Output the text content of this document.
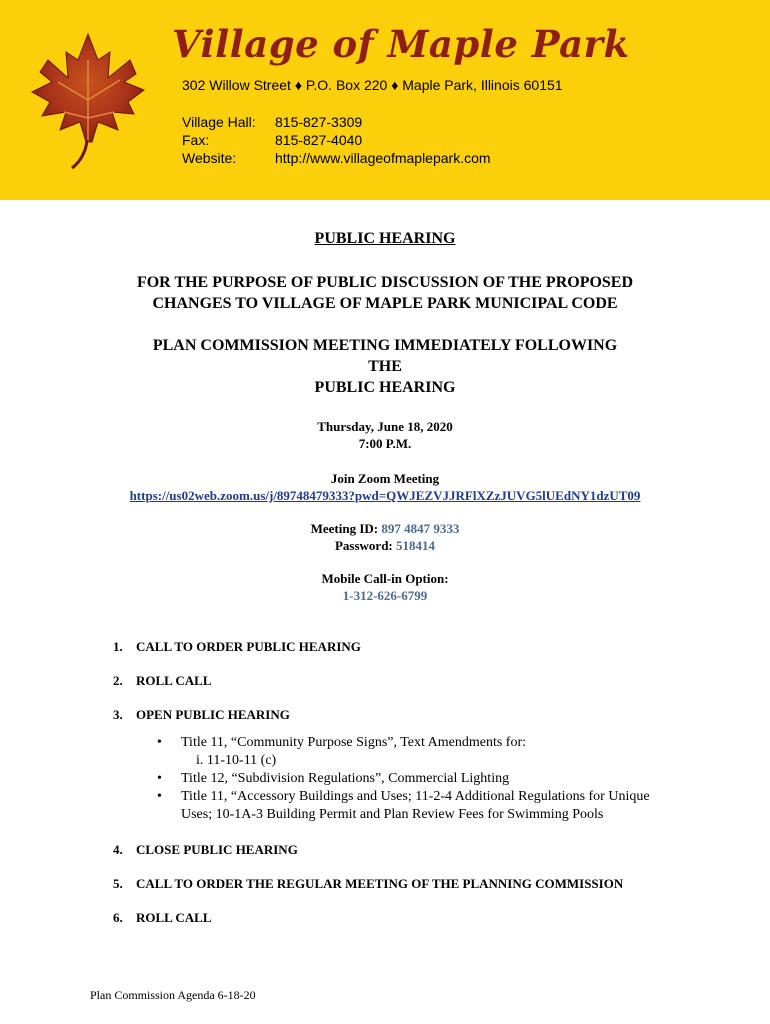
Village of Maple Park
302 Willow Street ♦ P.O. Box 220 ♦ Maple Park, Illinois 60151
Village Hall:	815-827-3309
Fax:	815-827-4040
Website:	http://www.villageofmaplepark.com
PUBLIC HEARING
FOR THE PURPOSE OF PUBLIC DISCUSSION OF THE PROPOSED
CHANGES TO VILLAGE OF MAPLE PARK MUNICIPAL CODE
PLAN COMMISSION MEETING IMMEDIATELY FOLLOWING
THE
PUBLIC HEARING
Thursday, June 18, 2020
7:00 P.M.
Join Zoom Meeting
https://us02web.zoom.us/j/89748479333?pwd=QWJEZVJJRFlXZzJUVG5lUEdNY1dzUT09
Meeting ID: 897 4847 9333
Password: 518414
Mobile Call-in Option:
1-312-626-6799
1.	CALL TO ORDER PUBLIC HEARING
2.	ROLL CALL
3.	OPEN PUBLIC HEARING
• Title 11, “Community Purpose Signs”, Text Amendments for:
i. 11-10-11 (c)
• Title 12, “Subdivision Regulations”, Commercial Lighting
• Title 11, “Accessory Buildings and Uses; 11-2-4 Additional Regulations for Unique Uses; 10-1A-3 Building Permit and Plan Review Fees for Swimming Pools
4.	CLOSE PUBLIC HEARING
5.	CALL TO ORDER THE REGULAR MEETING OF THE PLANNING COMMISSION
6.	ROLL CALL
Plan Commission Agenda 6-18-20
